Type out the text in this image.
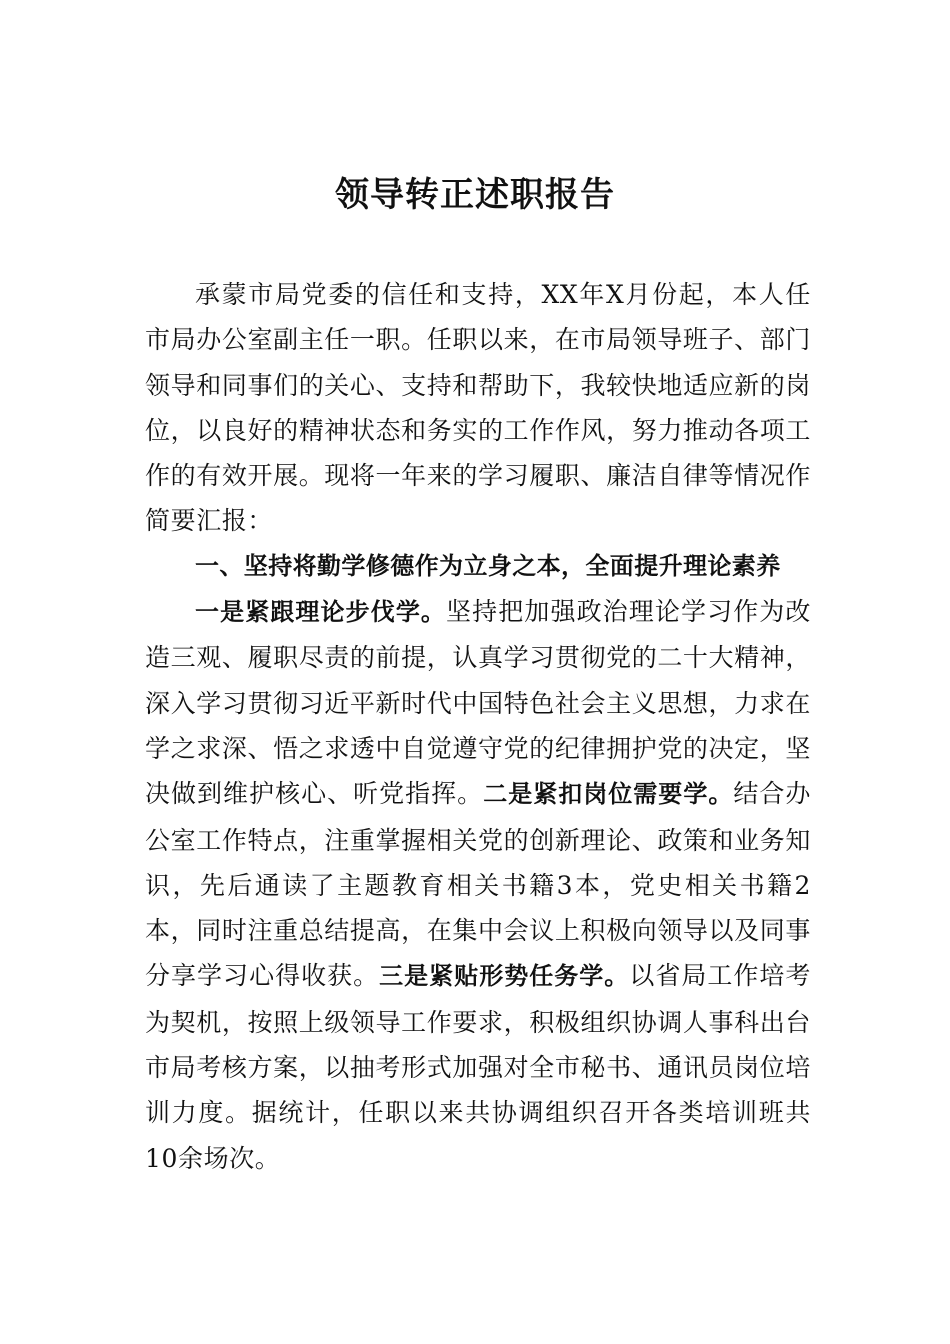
领导转正述职报告

承蒙市局党委的信任和支持，XX年X月份起，本人任市局办公室副主任一职。任职以来，在市局领导班子、部门领导和同事们的关心、支持和帮助下，我较快地适应新的岗位，以良好的精神状态和务实的工作作风，努力推动各项工作的有效开展。现将一年来的学习履职、廉洁自律等情况作简要汇报：

一、坚持将勤学修德作为立身之本，全面提升理论素养

一是紧跟理论步伐学。坚持把加强政治理论学习作为改造三观、履职尽责的前提，认真学习贯彻党的二十大精神，深入学习贯彻习近平新时代中国特色社会主义思想，力求在学之求深、悟之求透中自觉遵守党的纪律拥护党的决定，坚决做到维护核心、听党指挥。二是紧扣岗位需要学。结合办公室工作特点，注重掌握相关党的创新理论、政策和业务知识，先后通读了主题教育相关书籍3本，党史相关书籍2本，同时注重总结提高，在集中会议上积极向领导以及同事分享学习心得收获。三是紧贴形势任务学。以省局工作培考为契机，按照上级领导工作要求，积极组织协调人事科出台市局考核方案，以抽考形式加强对全市秘书、通讯员岗位培训力度。据统计，任职以来共协调组织召开各类培训班共10余场次。
